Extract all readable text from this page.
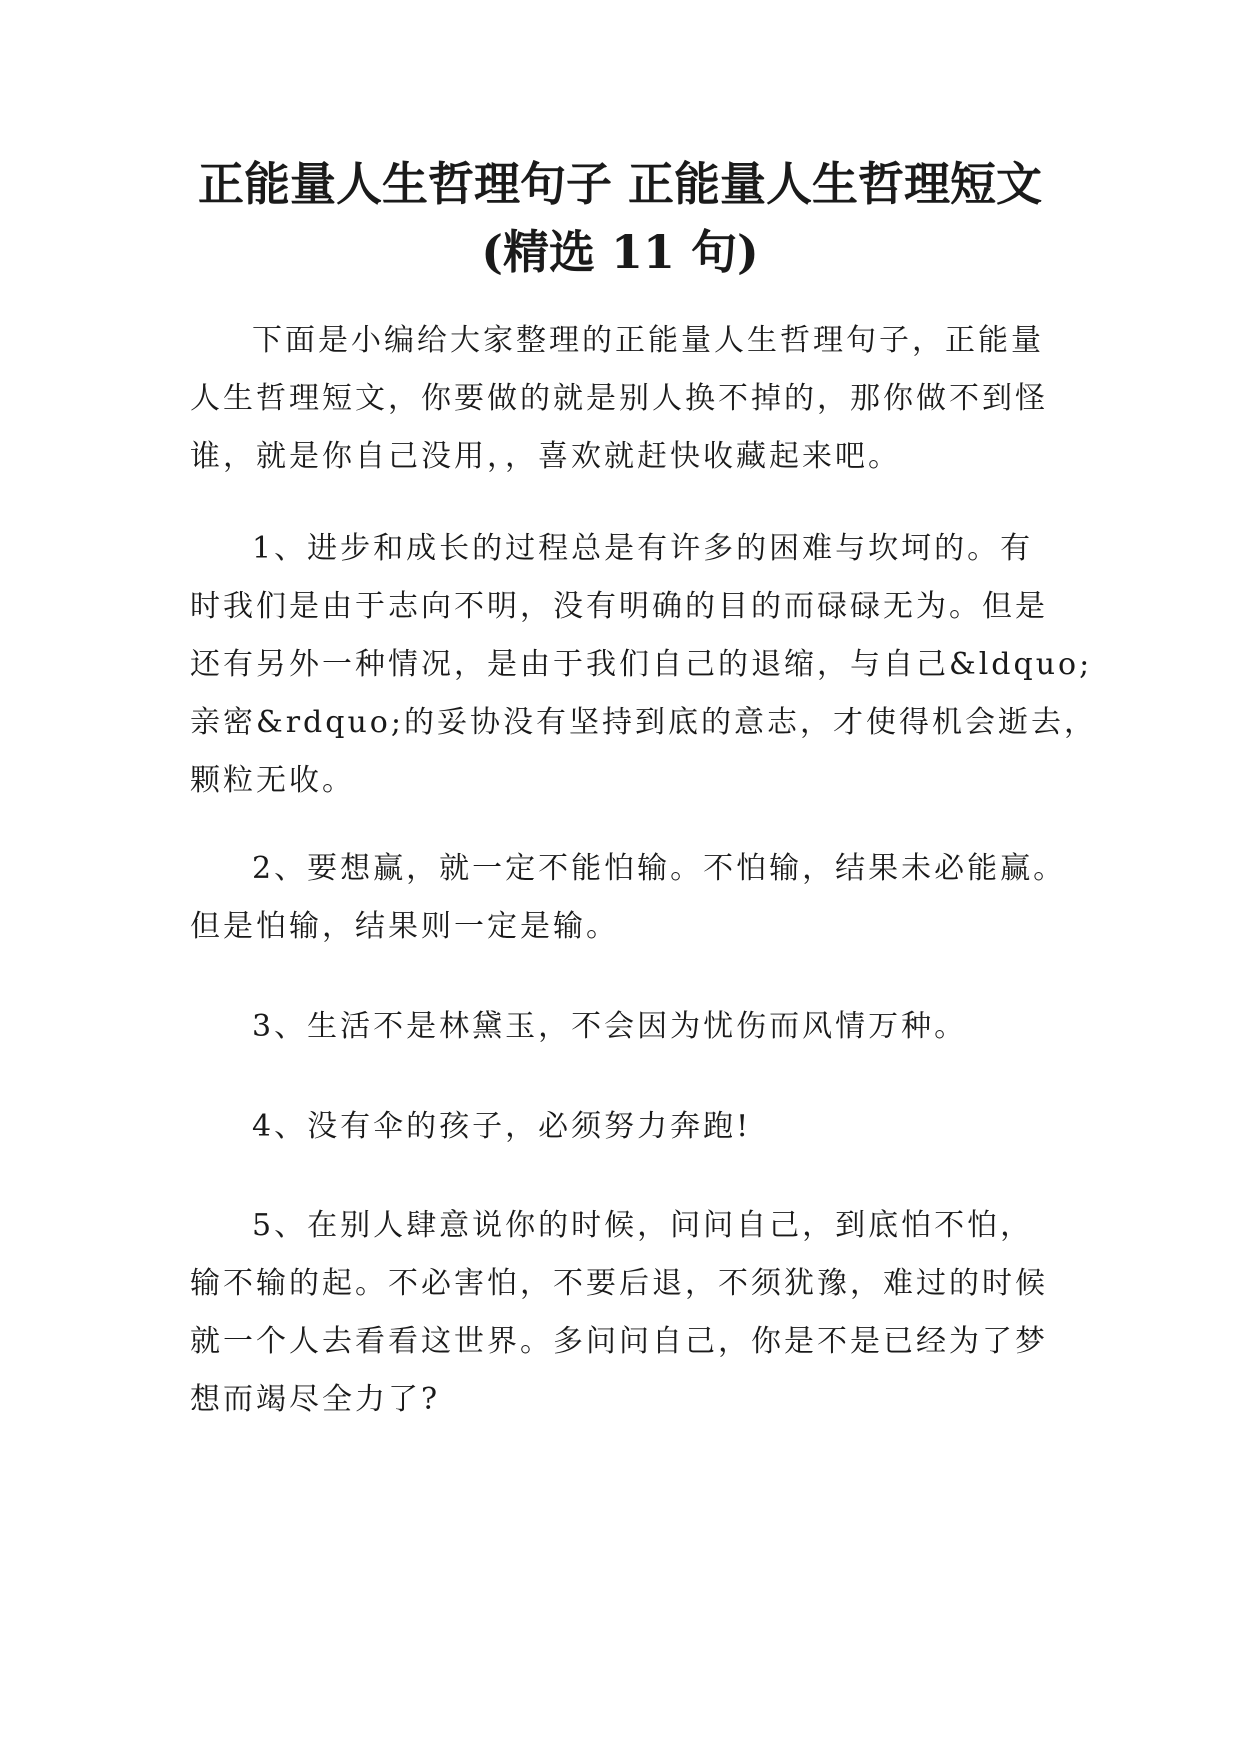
正能量人生哲理句子 正能量人生哲理短文
(精选 11 句)

下面是小编给大家整理的正能量人生哲理句子，正能量
人生哲理短文，你要做的就是别人换不掉的，那你做不到怪
谁，就是你自己没用，，喜欢就赶快收藏起来吧。

1、进步和成长的过程总是有许多的困难与坎坷的。有
时我们是由于志向不明，没有明确的目的而碌碌无为。但是
还有另外一种情况，是由于我们自己的退缩，与自己&ldquo;
亲密&rdquo;的妥协没有坚持到底的意志，才使得机会逝去，
颗粒无收。

2、要想赢，就一定不能怕输。不怕输，结果未必能赢。
但是怕输，结果则一定是输。

3、生活不是林黛玉，不会因为忧伤而风情万种。

4、没有伞的孩子，必须努力奔跑!

5、在别人肆意说你的时候，问问自己，到底怕不怕，
输不输的起。不必害怕，不要后退，不须犹豫，难过的时候
就一个人去看看这世界。多问问自己，你是不是已经为了梦
想而竭尽全力了?
